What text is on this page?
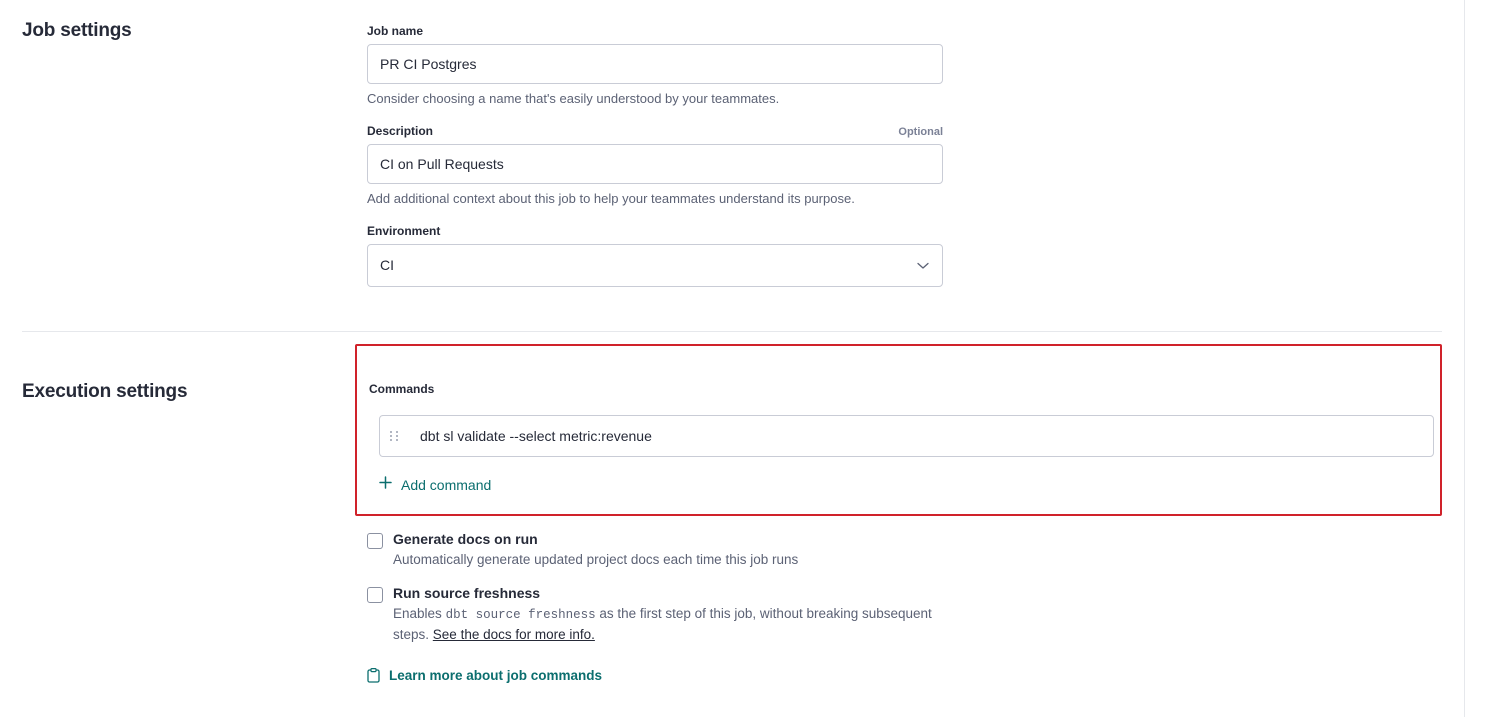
Job settings	Job name
PR CI Postgres
Consider choosing a name that's easily understood by your teammates.
Description	Optional
CI on Pull Requests
Add additional context about this job to help your teammates understand its purpose.
Environment
CI
Execution settings	Commands
dbt sl validate --select metric:revenue
Add command
Generate docs on run
Automatically generate updated project docs each time this job runs
Run source freshness
Enables dbt source freshness as the first step of this job, without breaking subsequent steps. See the docs for more info.
Learn more about job commands
